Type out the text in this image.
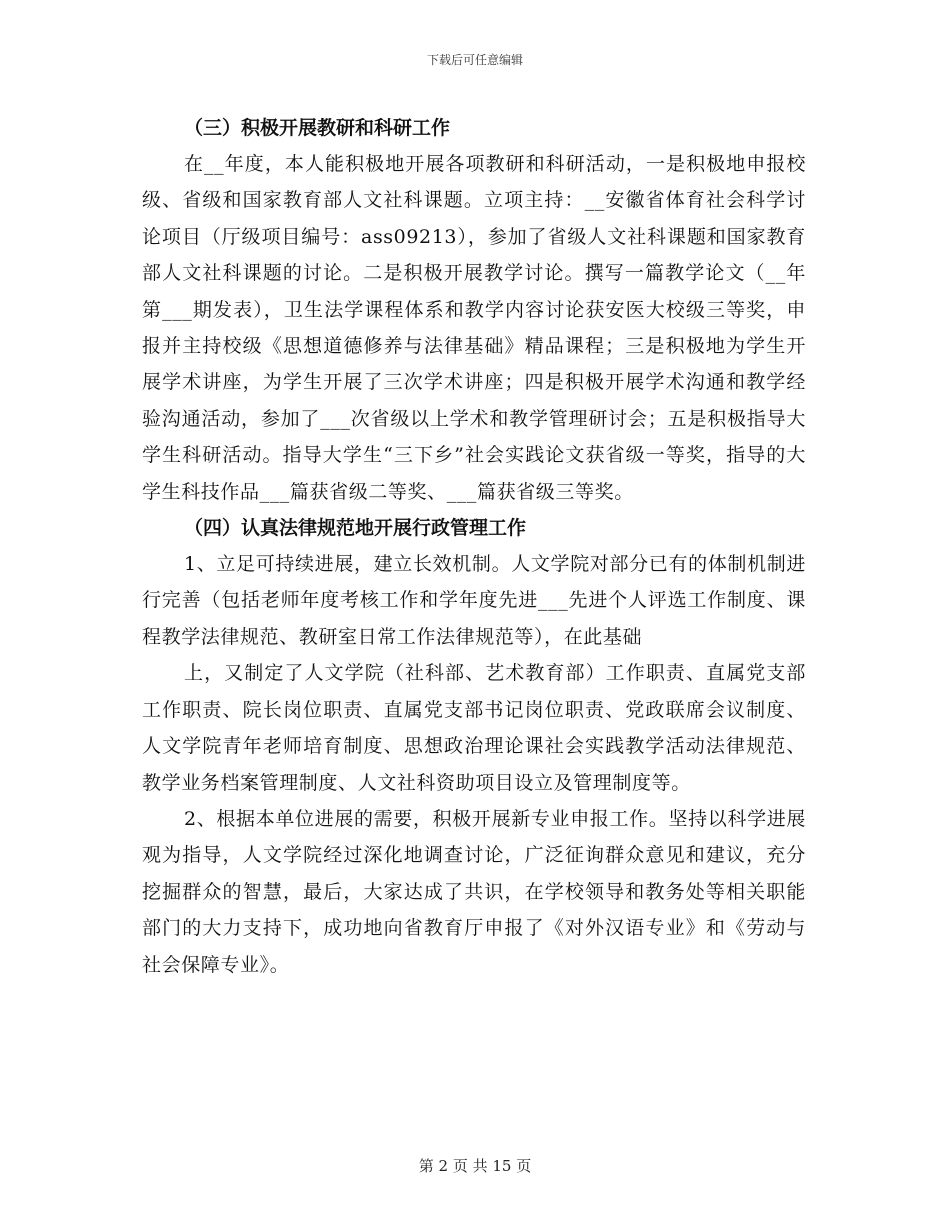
下载后可任意编辑
（三）积极开展教研和科研工作

在__年度，本人能积极地开展各项教研和科研活动，一是积极地申报校级、省级和国家教育部人文社科课题。立项主持：__安徽省体育社会科学讨论项目（厅级项目编号：ass09213），参加了省级人文社科课题和国家教育部人文社科课题的讨论。二是积极开展教学讨论。撰写一篇教学论文（__年第___期发表），卫生法学课程体系和教学内容讨论获安医大校级三等奖，申报并主持校级《思想道德修养与法律基础》精品课程；三是积极地为学生开展学术讲座，为学生开展了三次学术讲座；四是积极开展学术沟通和教学经验沟通活动，参加了___次省级以上学术和教学管理研讨会；五是积极指导大学生科研活动。指导大学生“三下乡”社会实践论文获省级一等奖，指导的大学生科技作品___篇获省级二等奖、___篇获省级三等奖。

（四）认真法律规范地开展行政管理工作

1、立足可持续进展，建立长效机制。人文学院对部分已有的体制机制进行完善（包括老师年度考核工作和学年度先进___先进个人评选工作制度、课程教学法律规范、教研室日常工作法律规范等），在此基础

上，又制定了人文学院（社科部、艺术教育部）工作职责、直属党支部工作职责、院长岗位职责、直属党支部书记岗位职责、党政联席会议制度、人文学院青年老师培育制度、思想政治理论课社会实践教学活动法律规范、教学业务档案管理制度、人文社科资助项目设立及管理制度等。

2、根据本单位进展的需要，积极开展新专业申报工作。坚持以科学进展观为指导，人文学院经过深化地调查讨论，广泛征询群众意见和建议，充分挖掘群众的智慧，最后，大家达成了共识，在学校领导和教务处等相关职能部门的大力支持下，成功地向省教育厅申报了《对外汉语专业》和《劳动与社会保障专业》。

第 2 页 共 15 页
